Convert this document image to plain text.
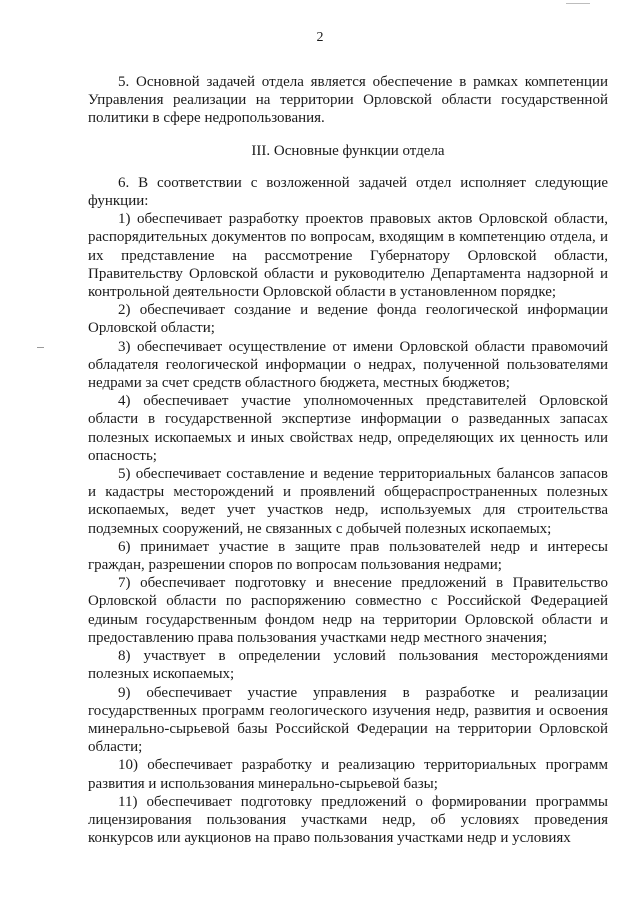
2

5. Основной задачей отдела является обеспечение в рамках компетенции Управления реализации на территории Орловской области государственной политики в сфере недропользования.

III. Основные функции отдела

6. В соответствии с возложенной задачей отдел исполняет следующие функции:

1) обеспечивает разработку проектов правовых актов Орловской области, распорядительных документов по вопросам, входящим в компетенцию отдела, и их представление на рассмотрение Губернатору Орловской области, Правительству Орловской области и руководителю Департамента надзорной и контрольной деятельности Орловской области в установленном порядке;

2) обеспечивает создание и ведение фонда геологической информации Орловской области;

3) обеспечивает осуществление от имени Орловской области правомочий обладателя геологической информации о недрах, полученной пользователями недрами за счет средств областного бюджета, местных бюджетов;

4) обеспечивает участие уполномоченных представителей Орловской области в государственной экспертизе информации о разведанных запасах полезных ископаемых и иных свойствах недр, определяющих их ценность или опасность;

5) обеспечивает составление и ведение территориальных балансов запасов и кадастры месторождений и проявлений общераспространенных полезных ископаемых, ведет учет участков недр, используемых для строительства подземных сооружений, не связанных с добычей полезных ископаемых;

6) принимает участие в защите прав пользователей недр и интересы граждан, разрешении споров по вопросам пользования недрами;

7) обеспечивает подготовку и внесение предложений в Правительство Орловской области по распоряжению совместно с Российской Федерацией единым государственным фондом недр на территории Орловской области и предоставлению права пользования участками недр местного значения;

8) участвует в определении условий пользования месторождениями полезных ископаемых;

9) обеспечивает участие управления в разработке и реализации государственных программ геологического изучения недр, развития и освоения минерально-сырьевой базы Российской Федерации на территории Орловской области;

10) обеспечивает разработку и реализацию территориальных программ развития и использования минерально-сырьевой базы;

11) обеспечивает подготовку предложений о формировании программы лицензирования пользования участками недр, об условиях проведения конкурсов или аукционов на право пользования участками недр и условиях
